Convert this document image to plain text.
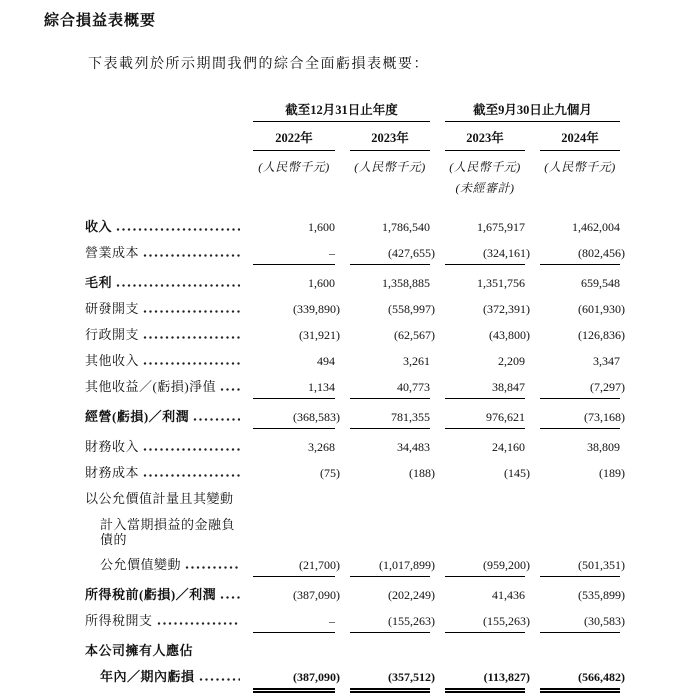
綜合損益表概要
下表載列於所示期間我們的綜合全面虧損表概要：
截至12月31日止年度	截至9月30日止九個月
2022年	2023年	2023年	2024年
(人民幣千元)	(人民幣千元)	(人民幣千元)	(人民幣千元)
(未經審計)
收入	1,600	1,786,540	1,675,917	1,462,004
營業成本	–	(427,655)	(324,161)	(802,456)
毛利	1,600	1,358,885	1,351,756	659,548
研發開支	(339,890)	(558,997)	(372,391)	(601,930)
行政開支	(31,921)	(62,567)	(43,800)	(126,836)
其他收入	494	3,261	2,209	3,347
其他收益／(虧損)淨值	1,134	40,773	38,847	(7,297)
經營(虧損)／利潤	(368,583)	781,355	976,621	(73,168)
財務收入	3,268	34,483	24,160	38,809
財務成本	(75)	(188)	(145)	(189)
以公允價值計量且其變動
計入當期損益的金融負債的
公允價值變動	(21,700)	(1,017,899)	(959,200)	(501,351)
所得稅前(虧損)／利潤	(387,090)	(202,249)	41,436	(535,899)
所得稅開支	–	(155,263)	(155,263)	(30,583)
本公司擁有人應佔
年內／期內虧損	(387,090)	(357,512)	(113,827)	(566,482)
